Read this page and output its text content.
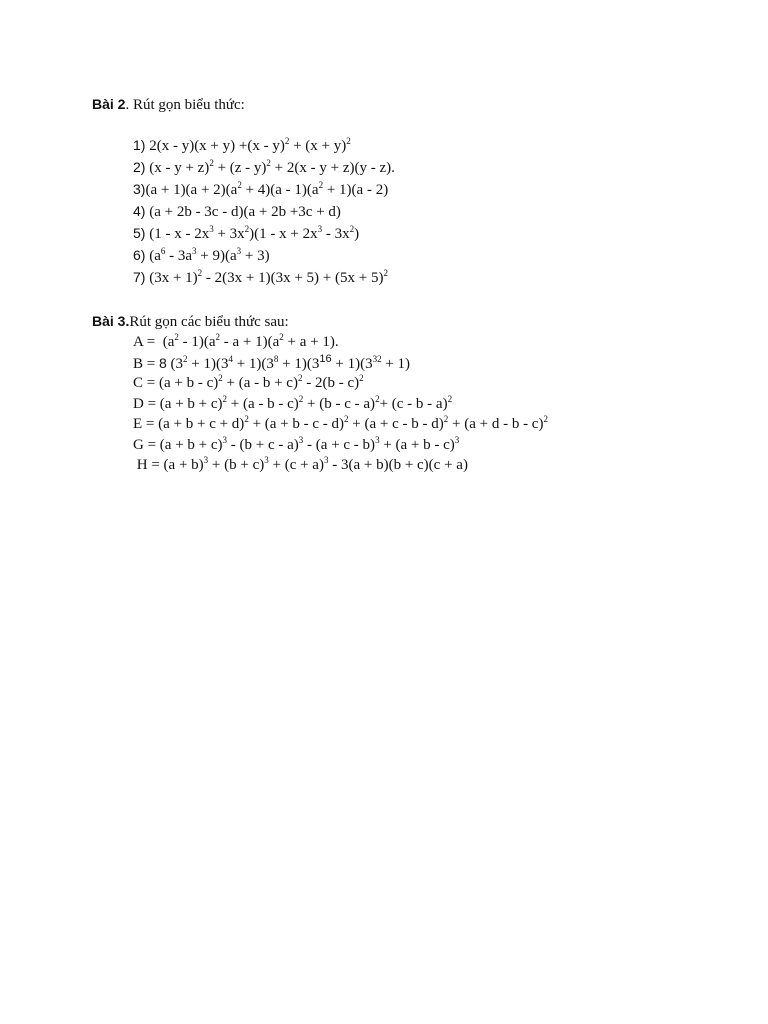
Bài 2. Rút gọn biểu thức:
1) $2(x - y)(x + y) +(x - y)^2 + (x + y)^2$
2) $(x - y + z)^2 + (z - y)^2 + 2(x - y + z)(y - z)$.
$3)(a + 1)(a + 2)(a^2 + 4)(a - 1)(a^2 + 1)(a - 2)$
4) (a + 2b - 3c - d)(a + 2b +3c + d)
5) $(1 - x - 2x^3 + 3x^2)(1 - x + 2x^3 - 3x^2)$
6) $(a^6 - 3a^3 + 9)(a^3 + 3)$
7) $(3x + 1)^2 - 2(3x + 1)(3x + 5) + (5x + 5)^2$
Bài 3.Rút gọn các biểu thức sau:
$A = (a^2 - 1)(a^2 - a + 1)(a^2 + a + 1)$.
B = 8 $(3^2 + 1)(3^4 + 1)(3^8 + 1)(3^{16} + 1)(3^{32} + 1)$
$C = (a + b - c)^2 + (a - b + c)^2 - 2(b - c)^2$
$D = (a + b + c)^2 + (a - b - c)^2 + (b - c - a)^2+ (c - b - a)^2$
$E = (a + b + c + d)^2 + (a + b - c - d)^2 + (a + c - b - d)^2 + (a + d - b - c)^2$
$G = (a + b + c)^3 - (b + c - a)^3 - (a + c - b)^3 + (a + b - c)^3$
$H = (a + b)^3 + (b + c)^3 + (c + a)^3 - 3(a + b)(b + c)(c + a)$
